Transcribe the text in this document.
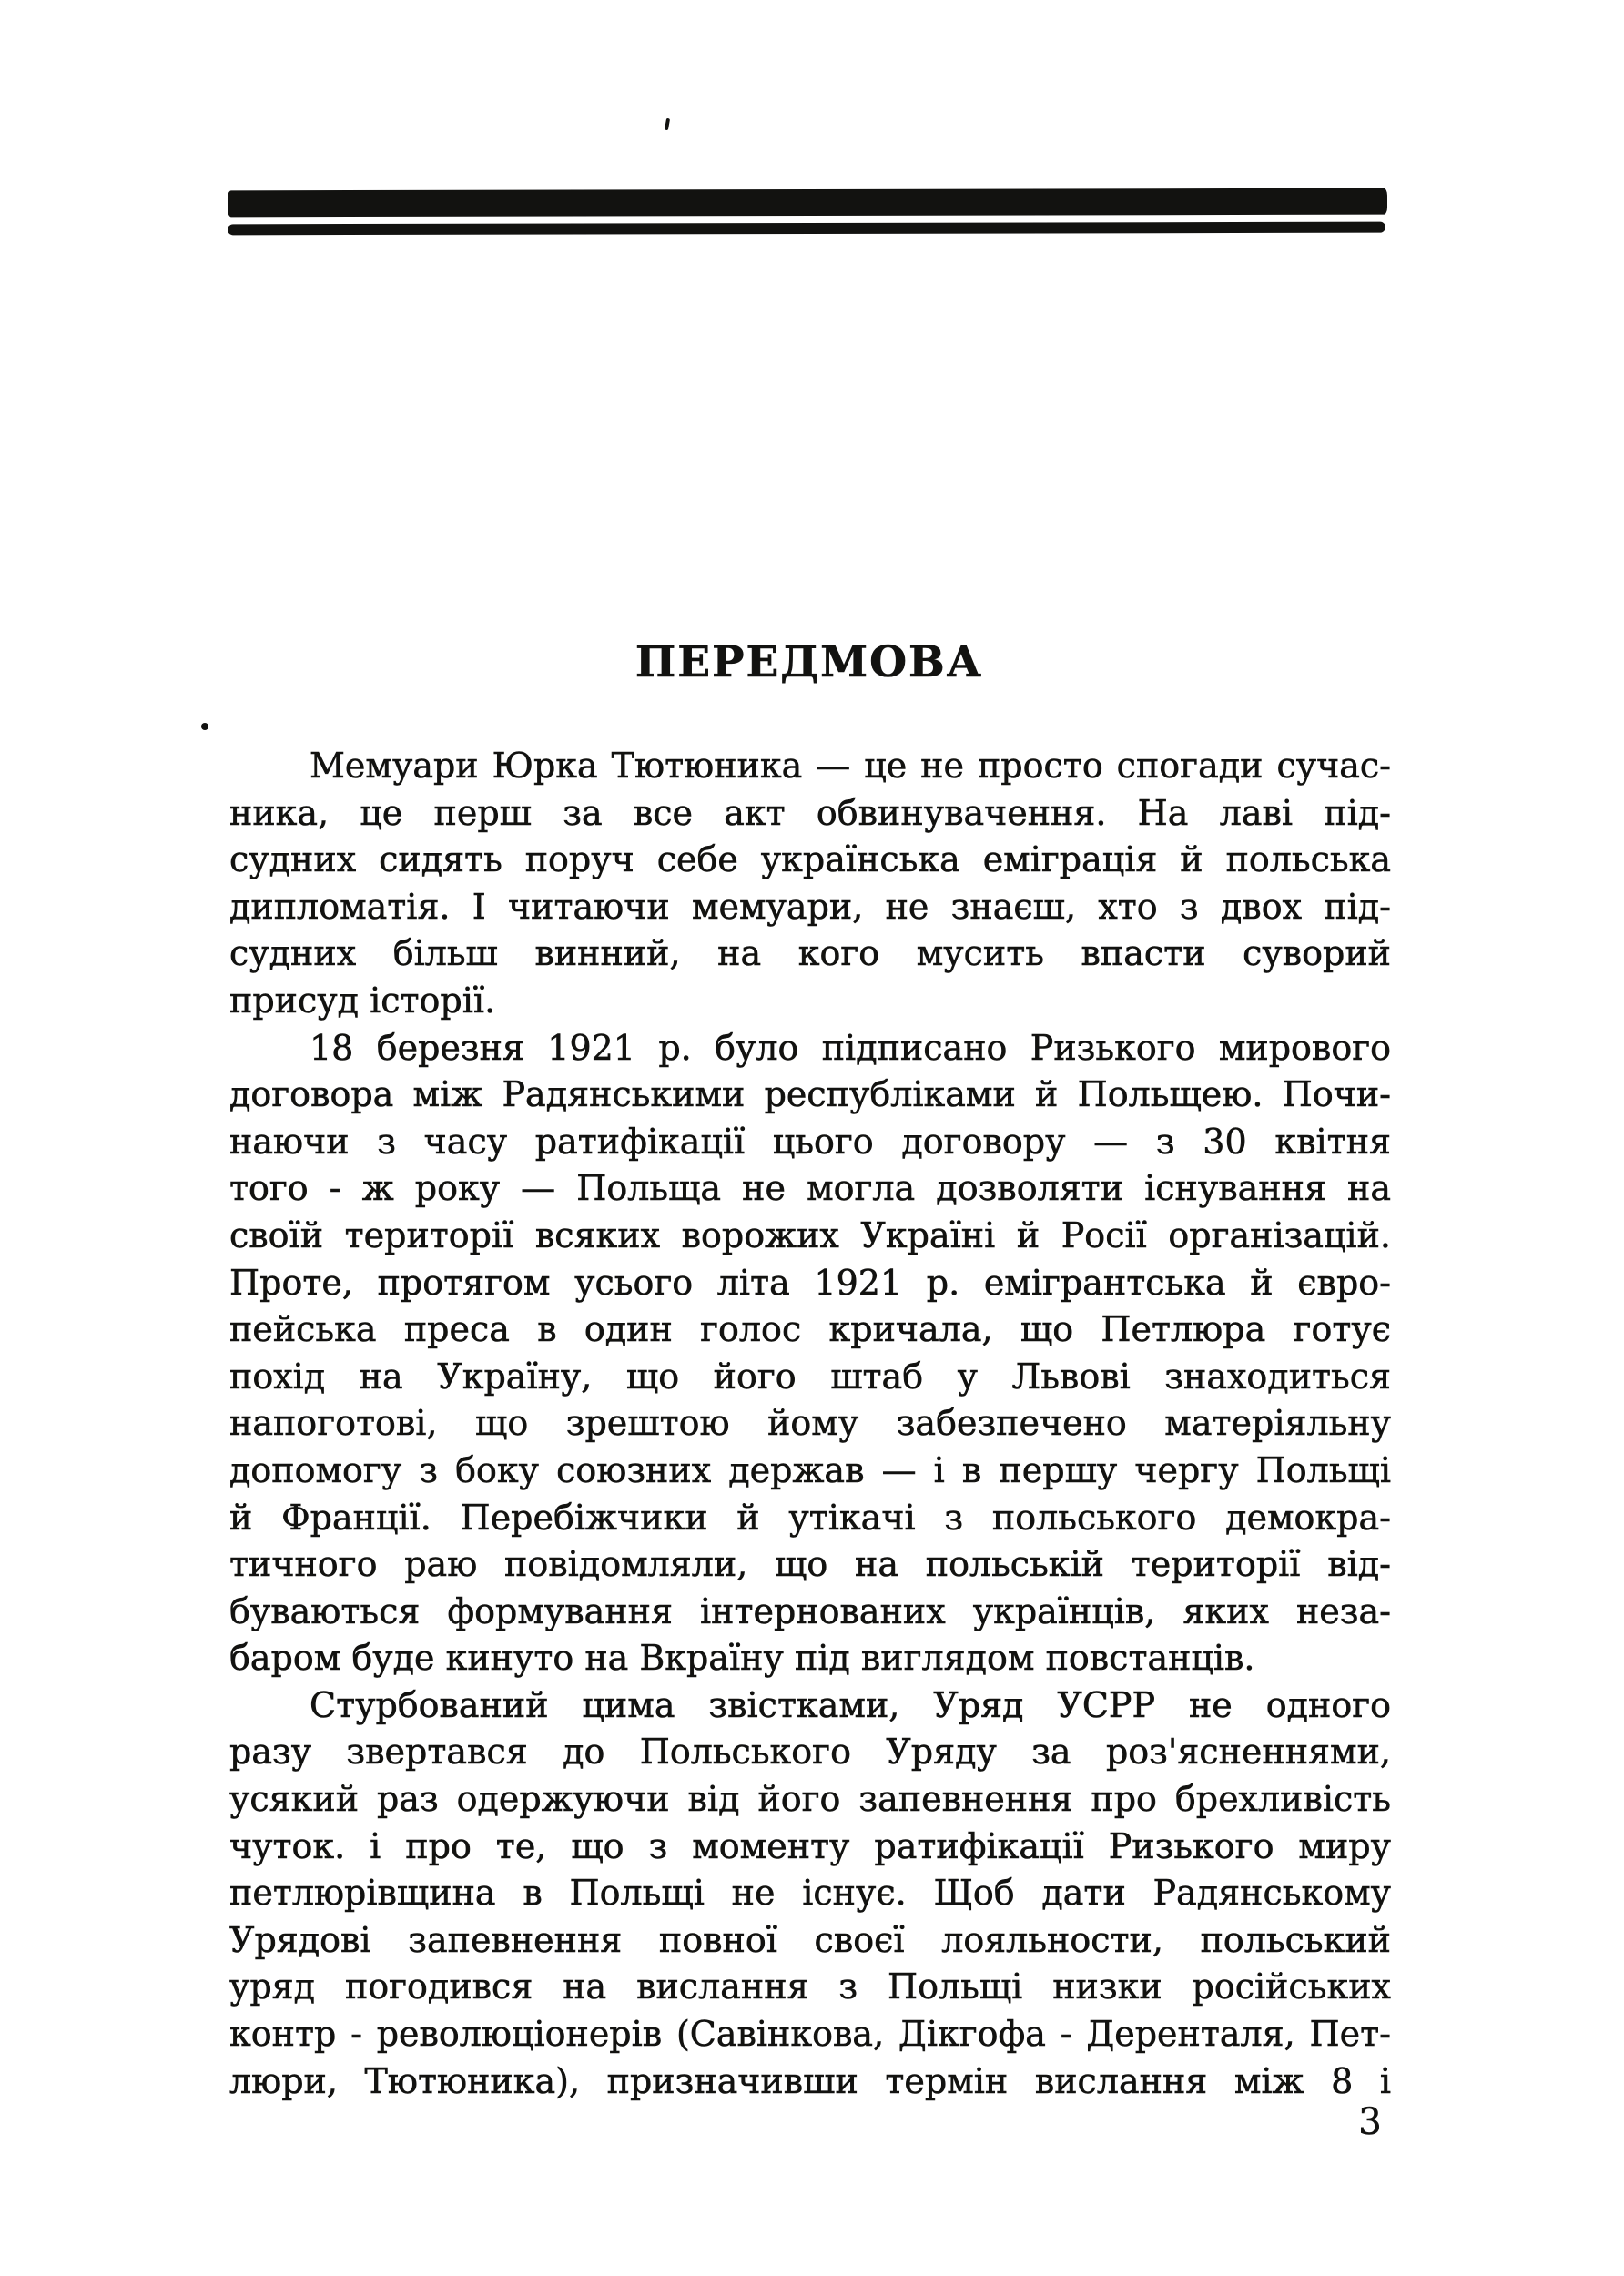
ПЕРЕДМОВА
Мемуари Юрка Тютюника — це не просто спогади сучас-
ника, це перш за все акт обвинувачення. На лаві під-
судних сидять поруч себе українська еміграція й польська
дипломатія. І читаючи мемуари, не знаєш, хто з двох під-
судних більш винний, на кого мусить впасти суворий
присуд історії.
18 березня 1921 р. було підписано Ризького мирового
договора між Радянськими республіками й Польщею. Почи-
наючи з часу ратифікації цього договору — з 30 квітня
того - ж року — Польща не могла дозволяти існування на
своїй території всяких ворожих Україні й Росії організацій.
Проте, протягом усього літа 1921 р. емігрантська й євро-
пейська преса в один голос кричала, що Петлюра готує
похід на Україну, що його штаб у Львові знаходиться
напоготові, що зрештою йому забезпечено матеріяльну
допомогу з боку союзних держав — і в першу чергу Польщі
й Франції. Перебіжчики й утікачі з польського демокра-
тичного раю повідомляли, що на польській території від-
буваються формування інтернованих українців, яких неза-
баром буде кинуто на Вкраїну під виглядом повстанців.
Стурбований цима звістками, Уряд УСРР не одного
разу звертався до Польського Уряду за роз'ясненнями,
усякий раз одержуючи від його запевнення про брехливість
чуток. і про те, що з моменту ратифікації Ризького миру
петлюрівщина в Польщі не існує. Щоб дати Радянському
Урядові запевнення повної своєї лояльности, польський
уряд погодився на вислання з Польщі низки російських
контр - революціонерів (Савінкова, Дікгофа - Деренталя, Пет-
люри, Тютюника), призначивши термін вислання між 8 і
3
